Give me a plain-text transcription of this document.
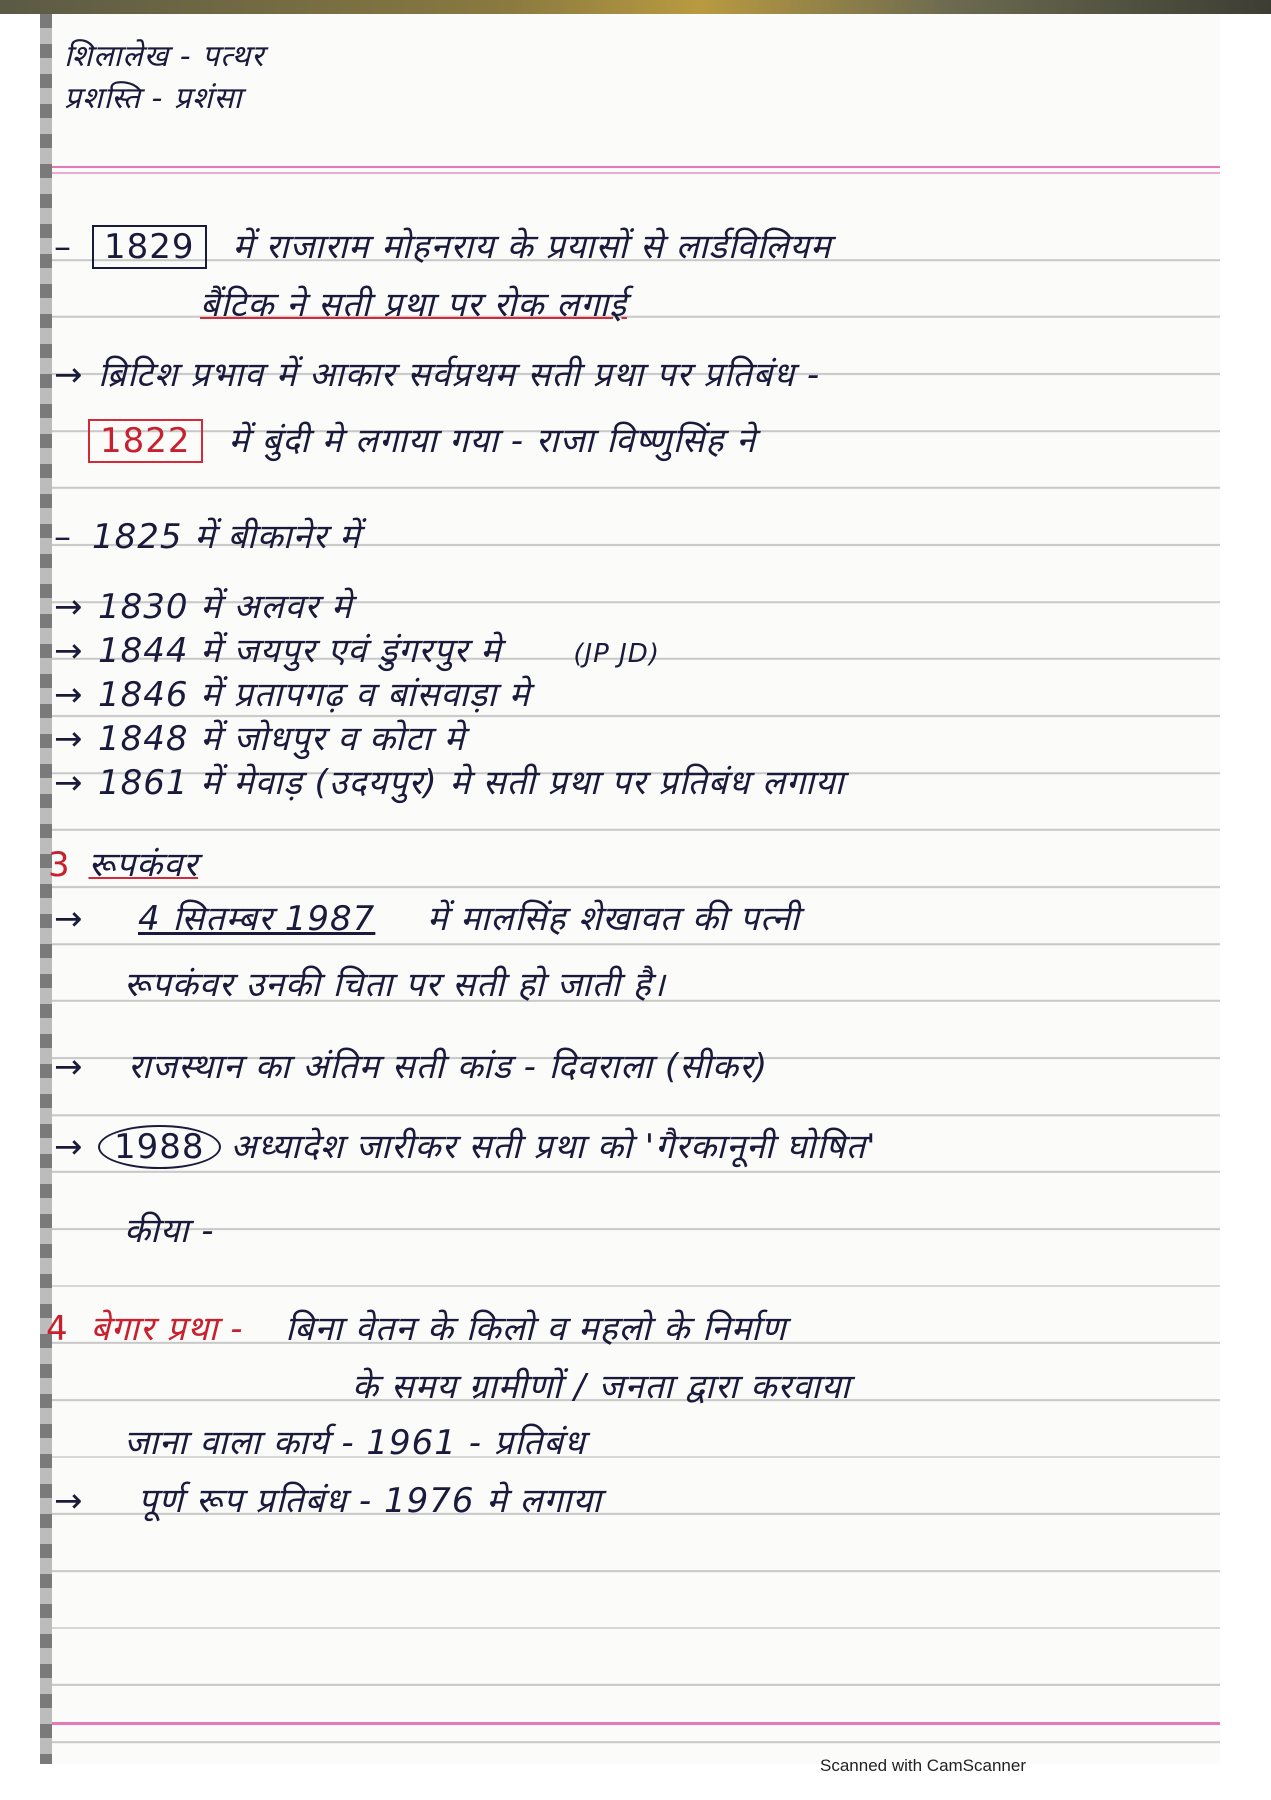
शिलालेख - पत्थर

प्रशस्ति - प्रशंसा

– 1829 में राजाराम मोहनराय के प्रयासों से लार्डविलियम

बैंटिक ने सती प्रथा पर रोक लगाई

→ ब्रिटिश प्रभाव में आकार सर्वप्रथम सती प्रथा पर प्रतिबंध -

1822 में बुंदी मे लगाया गया - राजा विष्णुसिंह ने

– 1825 में बीकानेर में

→ 1830 में अलवर मे

→ 1844 में जयपुर एवं डुंगरपुर मे	(JP JD)

→ 1846 में प्रतापगढ़ व बांसवाड़ा मे

→ 1848 में जोधपुर व कोटा मे

→ 1861 में मेवाड़ (उदयपुर) मे सती प्रथा पर प्रतिबंध लगाया

3 रूपकंवर

→ 4 सितम्बर 1987 में मालसिंह शेखावत की पत्नी

रूपकंवर उनकी चिता पर सती हो जाती है।

→ राजस्थान का अंतिम सती कांड - दिवराला (सीकर)

→ 1988 अध्यादेश जारीकर सती प्रथा को 'गैरकानूनी घोषित'

कीया -

4 बेगार प्रथा - बिना वेतन के किलो व महलो के निर्माण

के समय ग्रामीणों / जनता द्वारा करवाया

जाना वाला कार्य - 1961 - प्रतिबंध

→ पूर्ण रूप प्रतिबंध - 1976 मे लगाया

Scanned with CamScanner
